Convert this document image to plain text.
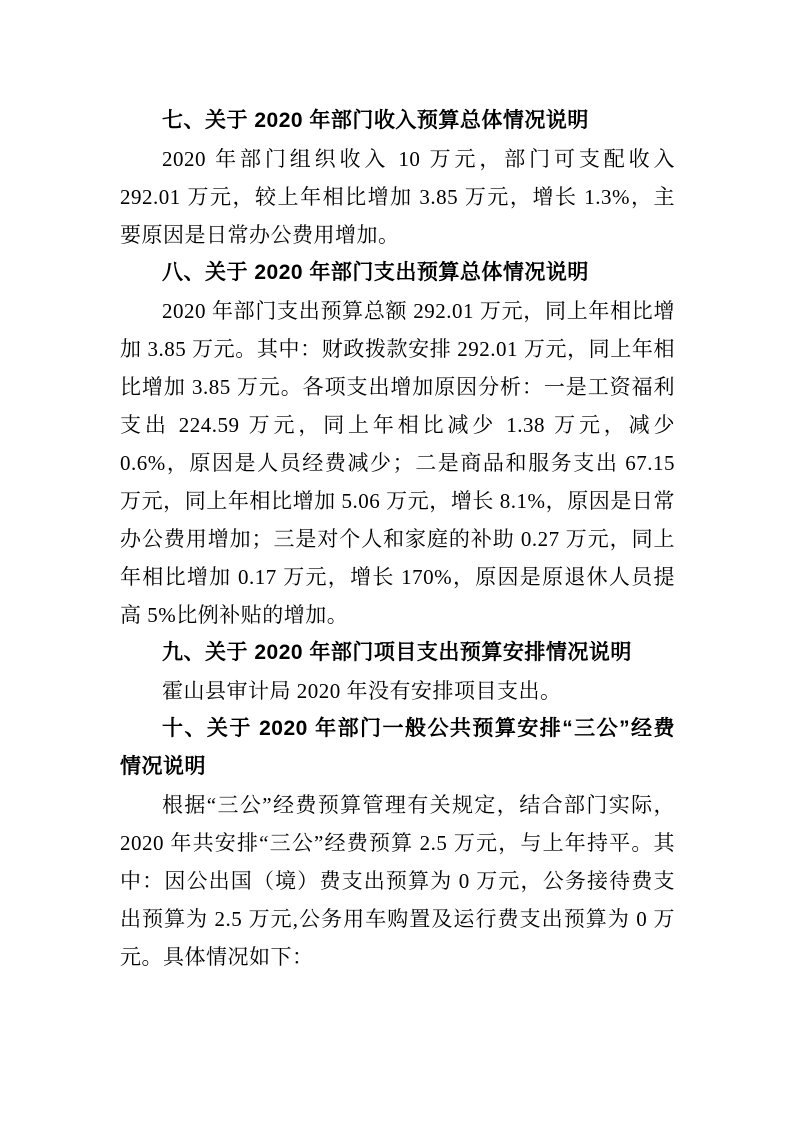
七、关于 2020 年部门收入预算总体情况说明

2020 年部门组织收入 10 万元，部门可支配收入 292.01 万元，较上年相比增加 3.85 万元，增长 1.3%，主要原因是日常办公费用增加。

八、关于 2020 年部门支出预算总体情况说明

2020 年部门支出预算总额 292.01 万元，同上年相比增加 3.85 万元。其中：财政拨款安排 292.01 万元，同上年相比增加 3.85 万元。各项支出增加原因分析：一是工资福利支出 224.59 万元，同上年相比减少 1.38 万元，减少 0.6%，原因是人员经费减少；二是商品和服务支出 67.15 万元，同上年相比增加 5.06 万元，增长 8.1%，原因是日常办公费用增加；三是对个人和家庭的补助 0.27 万元，同上年相比增加 0.17 万元，增长 170%，原因是原退休人员提高 5%比例补贴的增加。

九、关于 2020 年部门项目支出预算安排情况说明

霍山县审计局 2020 年没有安排项目支出。

十、关于 2020 年部门一般公共预算安排“三公”经费情况说明

根据“三公”经费预算管理有关规定，结合部门实际，2020 年共安排“三公”经费预算 2.5 万元，与上年持平。其中：因公出国（境）费支出预算为 0 万元，公务接待费支出预算为 2.5 万元,公务用车购置及运行费支出预算为 0 万元。具体情况如下：
